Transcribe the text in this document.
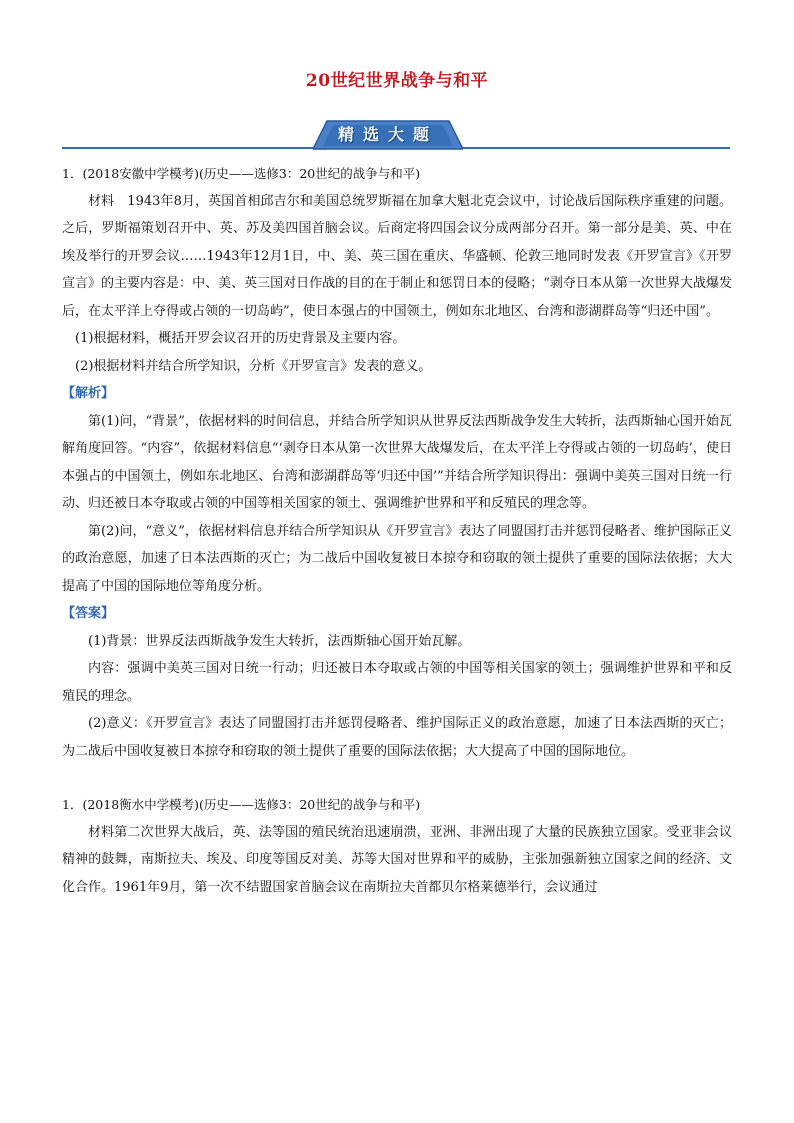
20世纪世界战争与和平
精选大题

1．(2018安徽中学模考)(历史——选修3：20世纪的战争与和平)

材料　1943年8月，英国首相邱吉尔和美国总统罗斯福在加拿大魁北克会议中，讨论战后国际秩序重建的问题。之后，罗斯福策划召开中、英、苏及美四国首脑会议。后商定将四国会议分成两部分召开。第一部分是美、英、中在埃及举行的开罗会议……1943年12月1日，中、美、英三国在重庆、华盛顿、伦敦三地同时发表《开罗宣言》《开罗宣言》的主要内容是：中、美、英三国对日作战的目的在于制止和惩罚日本的侵略；“剥夺日本从第一次世界大战爆发后，在太平洋上夺得或占领的一切岛屿”，使日本强占的中国领土，例如东北地区、台湾和澎湖群岛等“归还中国”。

(1)根据材料，概括开罗会议召开的历史背景及主要内容。

(2)根据材料并结合所学知识，分析《开罗宣言》发表的意义。

【解析】

第(1)问，“背景”，依据材料的时间信息，并结合所学知识从世界反法西斯战争发生大转折，法西斯轴心国开始瓦解角度回答。“内容”，依据材料信息“‘剥夺日本从第一次世界大战爆发后，在太平洋上夺得或占领的一切岛屿’，使日本强占的中国领土，例如东北地区、台湾和澎湖群岛等‘归还中国’”并结合所学知识得出：强调中美英三国对日统一行动、归还被日本夺取或占领的中国等相关国家的领土、强调维护世界和平和反殖民的理念等。

第(2)问，“意义”，依据材料信息并结合所学知识从《开罗宣言》表达了同盟国打击并惩罚侵略者、维护国际正义的政治意愿，加速了日本法西斯的灭亡；为二战后中国收复被日本掠夺和窃取的领土提供了重要的国际法依据；大大提高了中国的国际地位等角度分析。

【答案】

(1)背景：世界反法西斯战争发生大转折，法西斯轴心国开始瓦解。

内容：强调中美英三国对日统一行动；归还被日本夺取或占领的中国等相关国家的领土；强调维护世界和平和反殖民的理念。

(2)意义：《开罗宣言》表达了同盟国打击并惩罚侵略者、维护国际正义的政治意愿，加速了日本法西斯的灭亡；为二战后中国收复被日本掠夺和窃取的领土提供了重要的国际法依据；大大提高了中国的国际地位。

1．(2018衡水中学模考)(历史——选修3：20世纪的战争与和平)

材料第二次世界大战后，英、法等国的殖民统治迅速崩溃，亚洲、非洲出现了大量的民族独立国家。受亚非会议精神的鼓舞，南斯拉夫、埃及、印度等国反对美、苏等大国对世界和平的威胁，主张加强新独立国家之间的经济、文化合作。1961年9月，第一次不结盟国家首脑会议在南斯拉夫首都贝尔格莱德举行，会议通过
